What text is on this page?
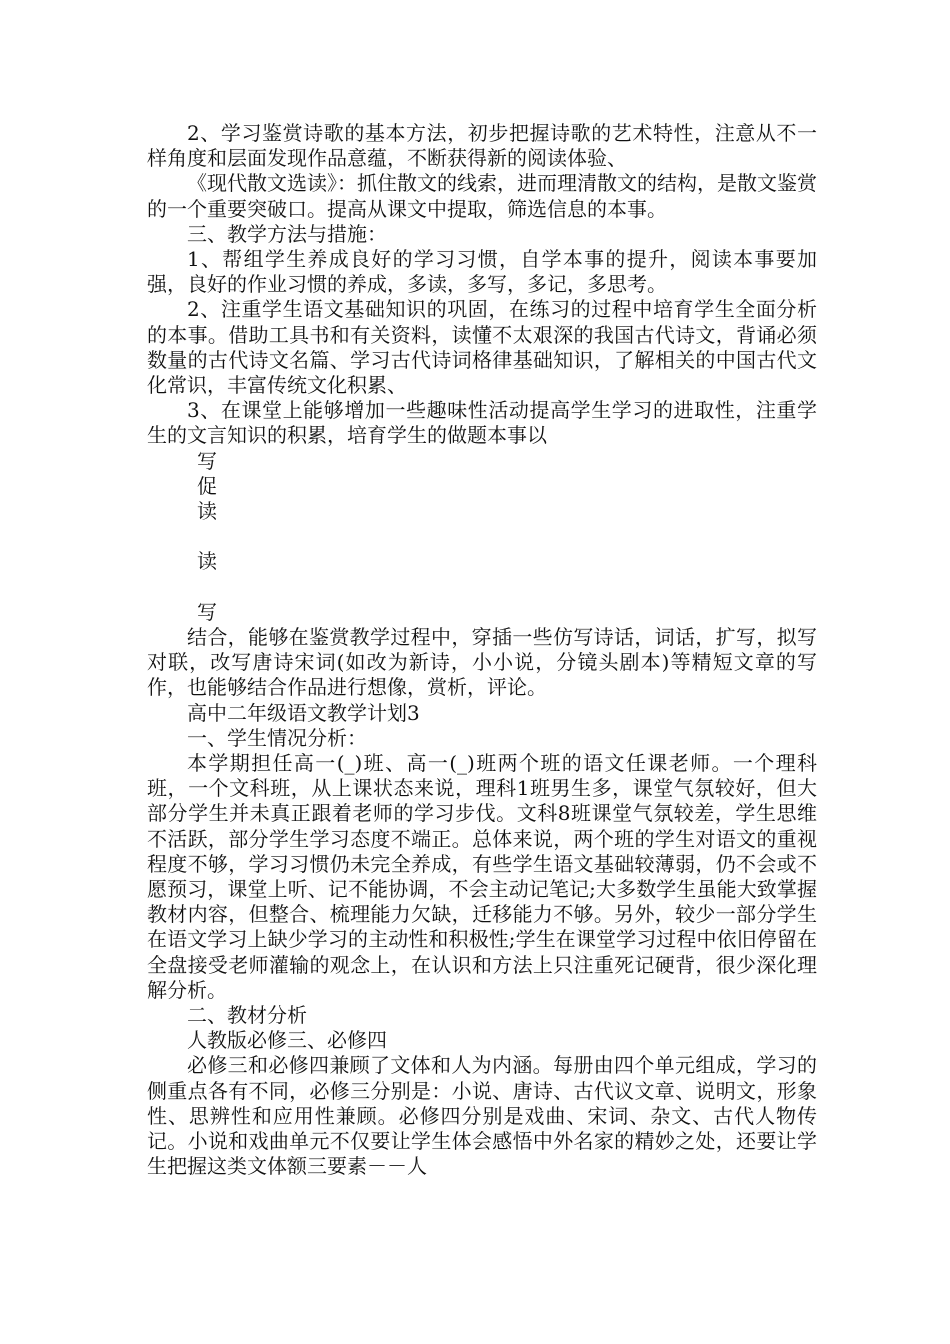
2、学习鉴赏诗歌的基本方法，初步把握诗歌的艺术特性，注意从不一样角度和层面发现作品意蕴，不断获得新的阅读体验、

《现代散文选读》：抓住散文的线索，进而理清散文的结构，是散文鉴赏的一个重要突破口。提高从课文中提取，筛选信息的本事。

三、教学方法与措施：

1、帮组学生养成良好的学习习惯，自学本事的提升，阅读本事要加强，良好的作业习惯的养成，多读，多写，多记，多思考。

2、注重学生语文基础知识的巩固，在练习的过程中培育学生全面分析的本事。借助工具书和有关资料，读懂不太艰深的我国古代诗文，背诵必须数量的古代诗文名篇、学习古代诗词格律基础知识，了解相关的中国古代文化常识，丰富传统文化积累、

3、在课堂上能够增加一些趣味性活动提高学生学习的进取性，注重学生的文言知识的积累，培育学生的做题本事以

写
促
读
读
写

结合，能够在鉴赏教学过程中，穿插一些仿写诗话，词话，扩写，拟写对联，改写唐诗宋词(如改为新诗，小小说，分镜头剧本)等精短文章的写作，也能够结合作品进行想像，赏析，评论。

高中二年级语文教学计划3

一、学生情况分析：

本学期担任高一(_)班、高一(_)班两个班的语文任课老师。一个理科班，一个文科班，从上课状态来说，理科1班男生多，课堂气氛较好，但大部分学生并未真正跟着老师的学习步伐。文科8班课堂气氛较差，学生思维不活跃，部分学生学习态度不端正。总体来说，两个班的学生对语文的重视程度不够，学习习惯仍未完全养成，有些学生语文基础较薄弱，仍不会或不愿预习，课堂上听、记不能协调，不会主动记笔记;大多数学生虽能大致掌握教材内容，但整合、梳理能力欠缺，迁移能力不够。另外，较少一部分学生在语文学习上缺少学习的主动性和积极性;学生在课堂学习过程中依旧停留在全盘接受老师灌输的观念上，在认识和方法上只注重死记硬背，很少深化理解分析。

二、教材分析

人教版必修三、必修四

必修三和必修四兼顾了文体和人为内涵。每册由四个单元组成，学习的侧重点各有不同，必修三分别是：小说、唐诗、古代议文章、说明文，形象性、思辨性和应用性兼顾。必修四分别是戏曲、宋词、杂文、古代人物传记。小说和戏曲单元不仅要让学生体会感悟中外名家的精妙之处，还要让学生把握这类文体额三要素－－人
